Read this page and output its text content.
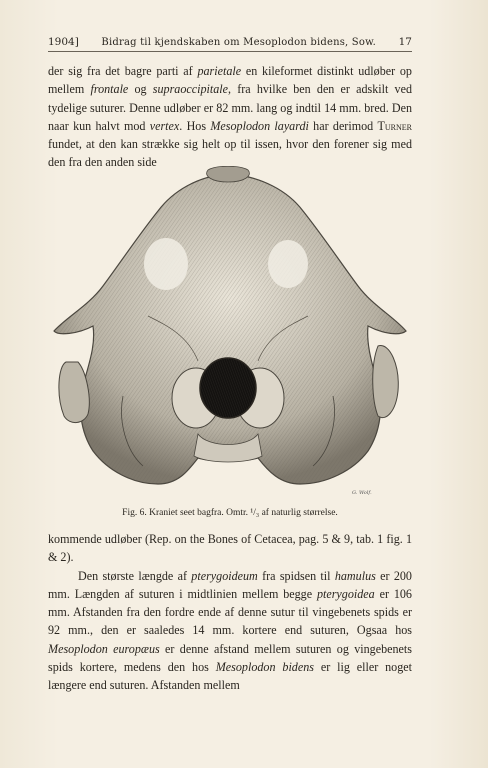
1904] Bidrag til kjendskaben om Mesoplodon bidens, Sow. 17

der sig fra det bagre parti af parietale en kileformet distinkt udløber op mellem frontale og supraoccipitale, fra hvilke ben den er adskilt ved tydelige suturer. Denne udløber er 82 mm. lang og indtil 14 mm. bred. Den naar kun halvt mod vertex. Hos Mesoplodon layardi har derimod Turner fundet, at den kan strække sig helt op til issen, hvor den forener sig med den fra den anden side

G. Wolf.
Fig. 6. Kraniet seet bagfra. Omtr. ¹/₃ af naturlig størrelse.

kommende udløber (Rep. on the Bones of Cetacea, pag. 5 & 9, tab. 1 fig. 1 & 2).

Den største længde af pterygoideum fra spidsen til hamulus er 200 mm. Længden af suturen i midtlinien mellem begge pterygoidea er 106 mm. Afstanden fra den fordre ende af denne sutur til vingebenets spids er 92 mm., den er saaledes 14 mm. kortere end suturen, Ogsaa hos Mesoplodon europæus er denne afstand mellem suturen og vingebenets spids kortere, medens den hos Mesoplodon bidens er lig eller noget længere end suturen. Afstanden mellem
